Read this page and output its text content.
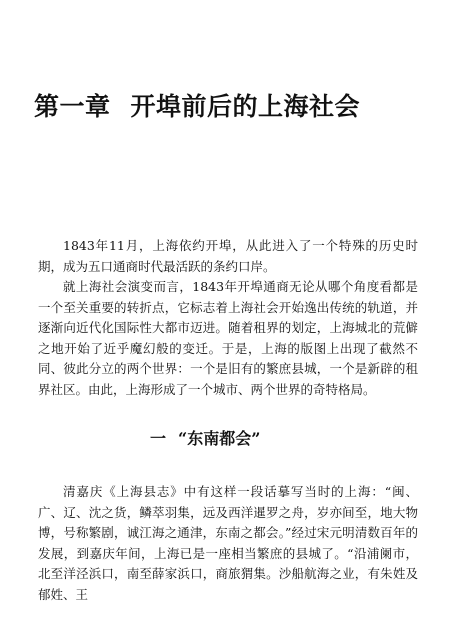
第一章 开埠前后的上海社会

1843年11月，上海依约开埠，从此进入了一个特殊的历史时期，成为五口通商时代最活跃的条约口岸。

就上海社会演变而言，1843年开埠通商无论从哪个角度看都是一个至关重要的转折点，它标志着上海社会开始逸出传统的轨道，并逐渐向近代化国际性大都市迈进。随着租界的划定，上海城北的荒僻之地开始了近乎魔幻般的变迁。于是，上海的版图上出现了截然不同、彼此分立的两个世界：一个是旧有的繁庶县城，一个是新辟的租界社区。由此，上海形成了一个城市、两个世界的奇特格局。

一 “东南都会”

清嘉庆《上海县志》中有这样一段话摹写当时的上海：“闽、广、辽、沈之货，鳞萃羽集，远及西洋暹罗之舟，岁亦间至，地大物博，号称繁剧，诚江海之通津，东南之都会。”经过宋元明清数百年的发展，到嘉庆年间，上海已是一座相当繁庶的县城了。“沿浦阑市，北至洋泾浜口，南至薛家浜口，商旅猬集。沙船航海之业，有朱姓及郁姓、王
